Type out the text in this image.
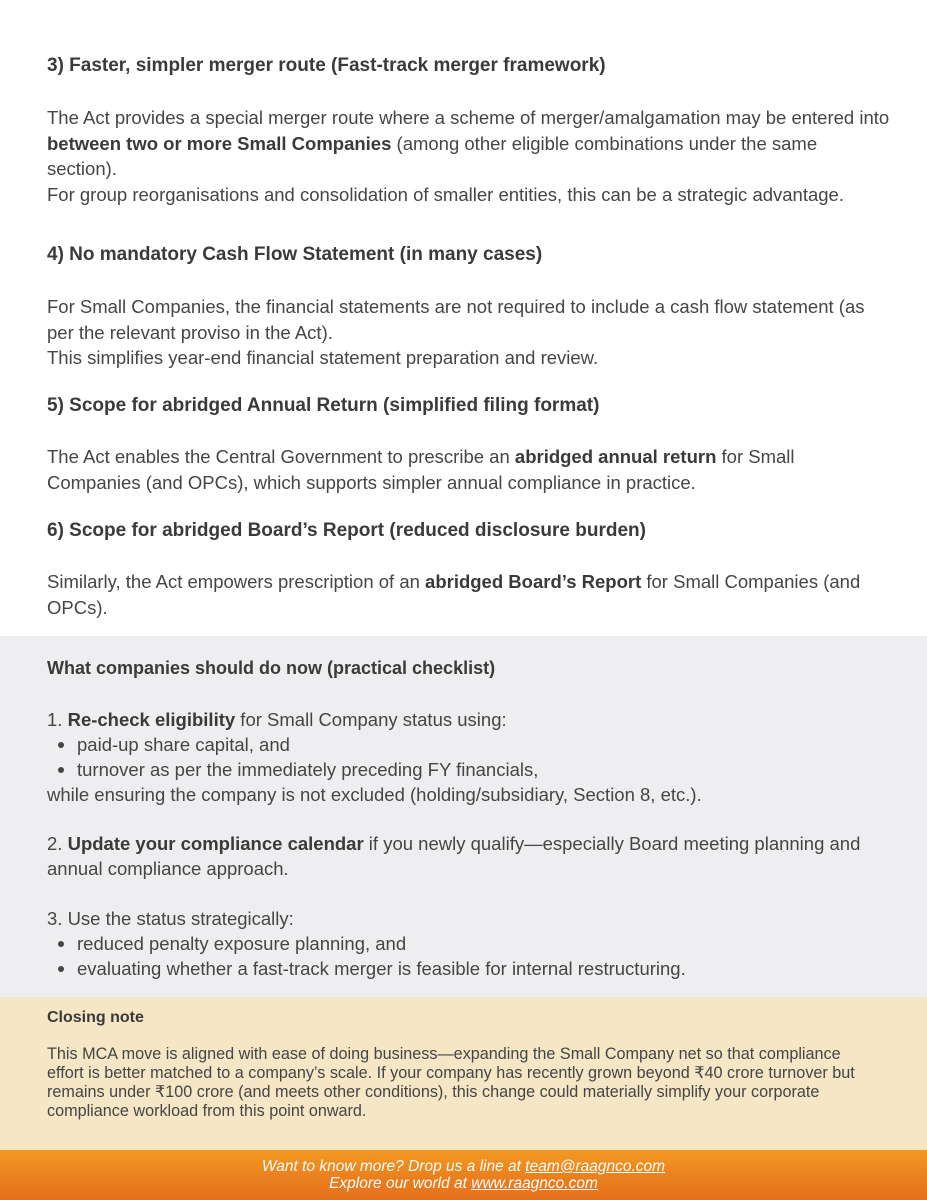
3) Faster, simpler merger route (Fast-track merger framework)

The Act provides a special merger route where a scheme of merger/amalgamation may be entered into between two or more Small Companies (among other eligible combinations under the same section).

For group reorganisations and consolidation of smaller entities, this can be a strategic advantage.

4) No mandatory Cash Flow Statement (in many cases)

For Small Companies, the financial statements are not required to include a cash flow statement (as per the relevant proviso in the Act).

This simplifies year-end financial statement preparation and review.

5) Scope for abridged Annual Return (simplified filing format)

The Act enables the Central Government to prescribe an abridged annual return for Small Companies (and OPCs), which supports simpler annual compliance in practice.

6) Scope for abridged Board’s Report (reduced disclosure burden)

Similarly, the Act empowers prescription of an abridged Board’s Report for Small Companies (and OPCs).

What companies should do now (practical checklist)

1. Re-check eligibility for Small Company status using:

paid-up share capital, and
turnover as per the immediately preceding FY financials,

while ensuring the company is not excluded (holding/subsidiary, Section 8, etc.).

2. Update your compliance calendar if you newly qualify—especially Board meeting planning and annual compliance approach.

3. Use the status strategically:

reduced penalty exposure planning, and
evaluating whether a fast-track merger is feasible for internal restructuring.
Closing note

This MCA move is aligned with ease of doing business—expanding the Small Company net so that compliance effort is better matched to a company’s scale. If your company has recently grown beyond ₹40 crore turnover but remains under ₹100 crore (and meets other conditions), this change could materially simplify your corporate compliance workload from this point onward.

Want to know more? Drop us a line at team@raagnco.com
Explore our world at www.raagnco.com
